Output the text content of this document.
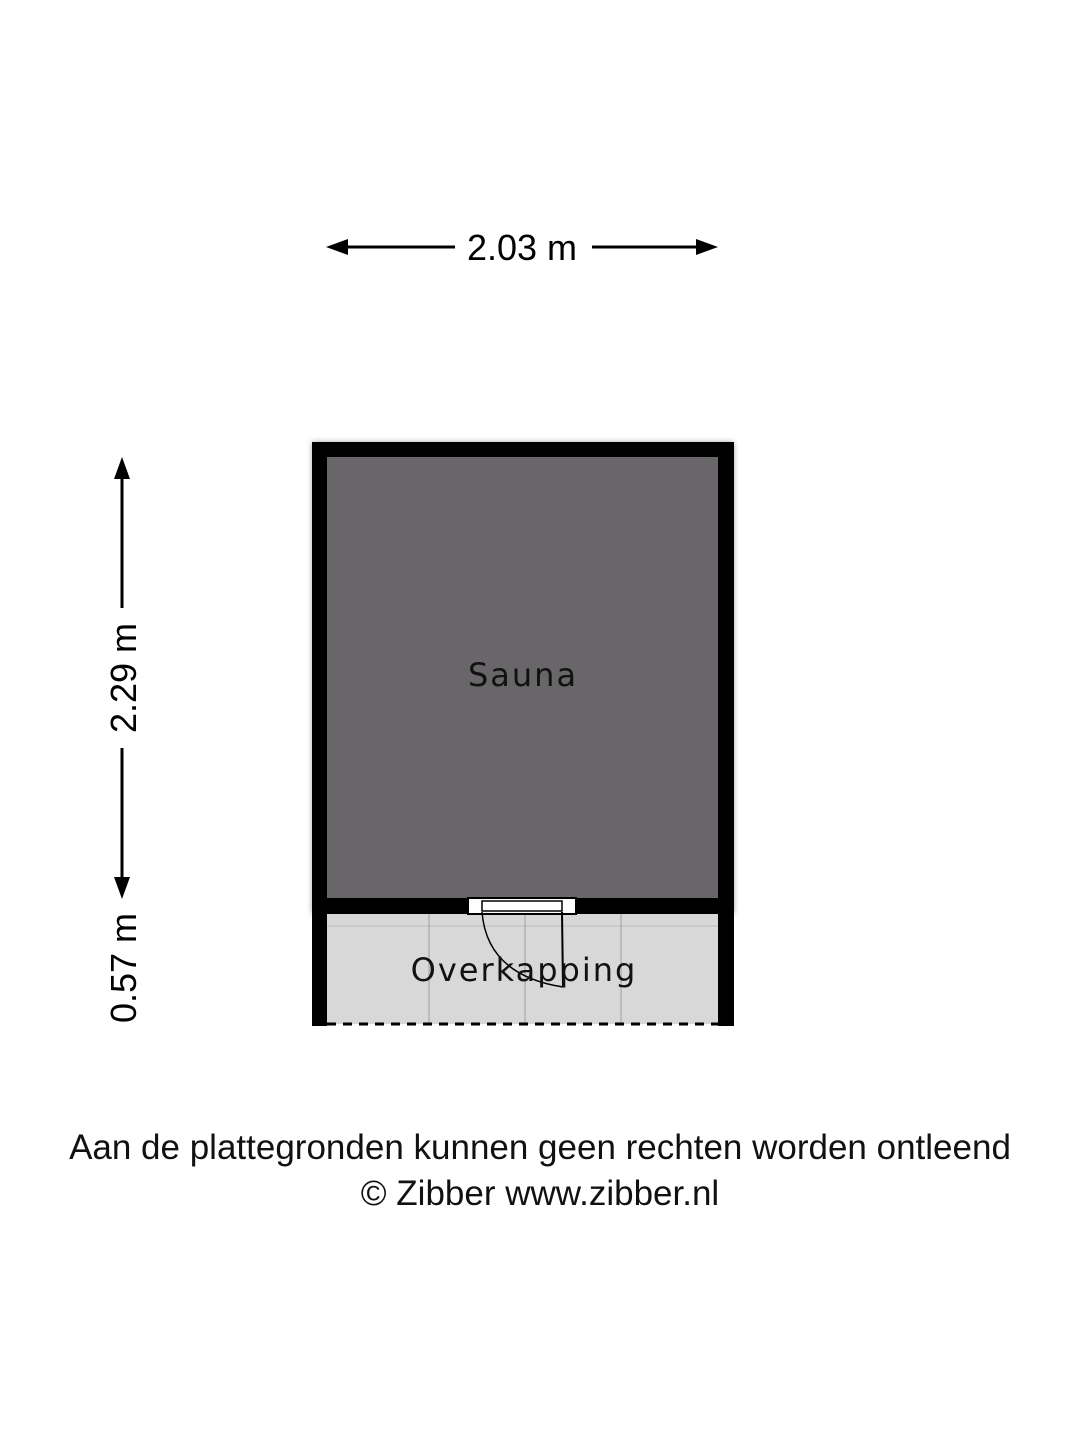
2.03 m
2.29 m
0.57 m
Sauna
Overkapping
Aan de plattegronden kunnen geen rechten worden ontleend
© Zibber www.zibber.nl
